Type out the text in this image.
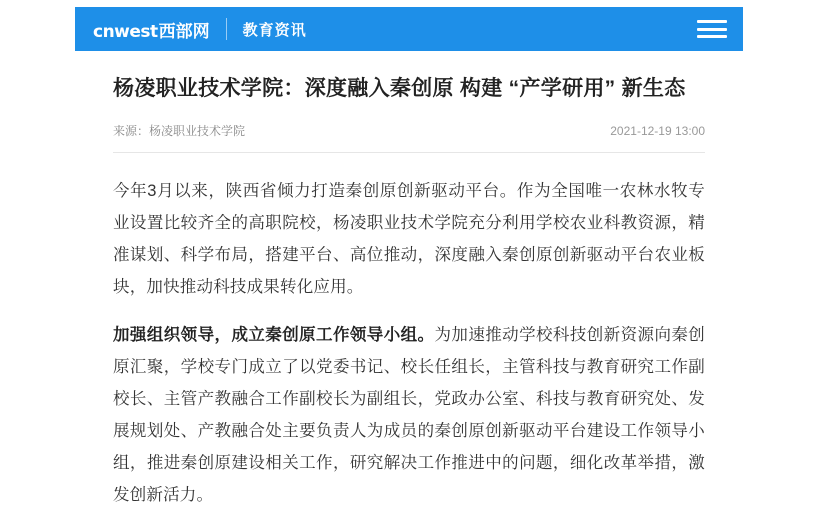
cnwest 西部网 教育资讯
杨凌职业技术学院：深度融入秦创原 构建 “产学研用” 新生态
来源：杨凌职业技术学院	2021-12-19 13:00

今年3月以来，陕西省倾力打造秦创原创新驱动平台。作为全国唯一农林水牧专业设置比较齐全的高职院校，杨凌职业技术学院充分利用学校农业科教资源，精准谋划、科学布局，搭建平台、高位推动，深度融入秦创原创新驱动平台农业板块，加快推动科技成果转化应用。

加强组织领导，成立秦创原工作领导小组。为加速推动学校科技创新资源向秦创原汇聚，学校专门成立了以党委书记、校长任组长，主管科技与教育研究工作副校长、主管产教融合工作副校长为副组长，党政办公室、科技与教育研究处、发展规划处、产教融合处主要负责人为成员的秦创原创新驱动平台建设工作领导小组，推进秦创原建设相关工作，研究解决工作推进中的问题，细化改革举措，激发创新活力。
